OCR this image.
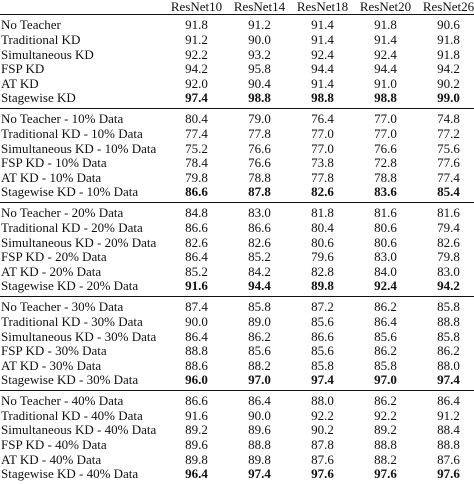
	ResNet10	ResNet14	ResNet18	ResNet20	ResNet26
No Teacher	91.8	91.2	91.4	91.8	90.6
Traditional KD	91.2	90.0	91.4	91.4	91.8
Simultaneous KD	92.2	93.2	92.4	92.4	91.8
FSP KD	94.2	95.8	94.4	94.4	94.2
AT KD	92.0	90.4	91.4	91.0	90.2
Stagewise KD	97.4	98.8	98.8	98.8	99.0
No Teacher - 10% Data	80.4	79.0	76.4	77.0	74.8
Traditional KD - 10% Data	77.4	77.8	77.0	77.0	77.2
Simultaneous KD - 10% Data	75.2	76.6	77.0	76.6	75.6
FSP KD - 10% Data	78.4	76.6	73.8	72.8	77.6
AT KD - 10% Data	79.8	78.8	77.8	78.8	77.4
Stagewise KD - 10% Data	86.6	87.8	82.6	83.6	85.4
No Teacher - 20% Data	84.8	83.0	81.8	81.6	81.6
Traditional KD - 20% Data	86.6	86.6	80.4	80.6	79.4
Simultaneous KD - 20% Data	82.6	82.6	80.6	80.6	82.6
FSP KD - 20% Data	86.4	85.2	79.6	83.0	79.8
AT KD - 20% Data	85.2	84.2	82.8	84.0	83.0
Stagewise KD - 20% Data	91.6	94.4	89.8	92.4	94.2
No Teacher - 30% Data	87.4	85.8	87.2	86.2	85.8
Traditional KD - 30% Data	90.0	89.0	85.6	86.4	88.8
Simultaneous KD - 30% Data	86.4	86.2	86.6	85.6	85.8
FSP KD - 30% Data	88.8	85.6	85.6	86.2	86.2
AT KD - 30% Data	88.6	88.2	85.8	85.8	88.0
Stagewise KD - 30% Data	96.0	97.0	97.4	97.0	97.4
No Teacher - 40% Data	86.6	86.4	88.0	86.2	86.4
Traditional KD - 40% Data	91.6	90.0	92.2	92.2	91.2
Simultaneous KD - 40% Data	89.2	89.6	90.2	89.2	88.4
FSP KD - 40% Data	89.6	88.8	87.8	88.8	88.8
AT KD - 40% Data	89.8	89.8	87.6	88.2	87.6
Stagewise KD - 40% Data	96.4	97.4	97.6	97.6	97.6
